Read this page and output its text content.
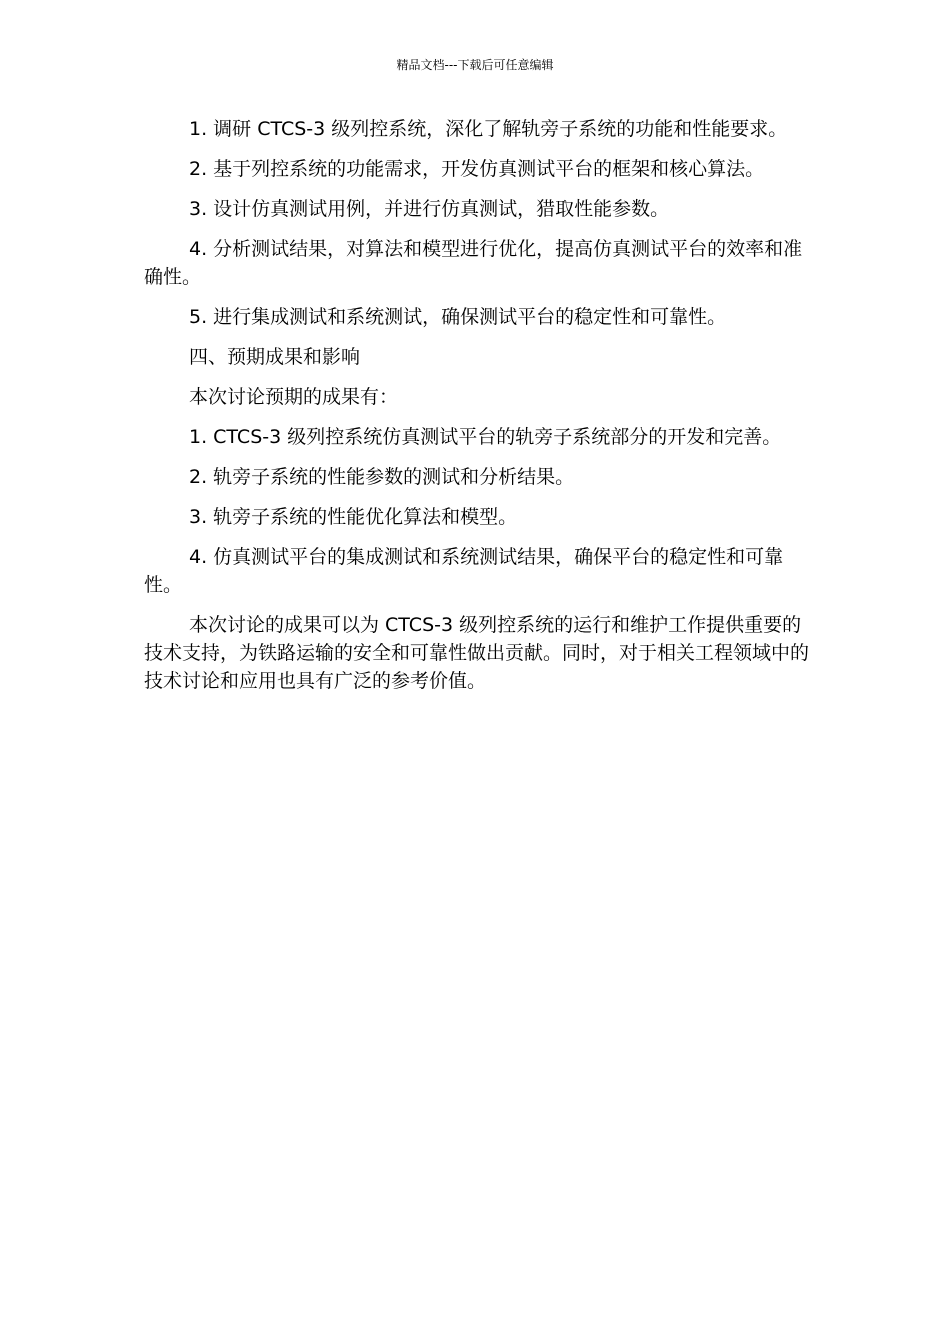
精品文档---下载后可任意编辑

1. 调研 CTCS-3 级列控系统，深化了解轨旁子系统的功能和性能要求。

2. 基于列控系统的功能需求，开发仿真测试平台的框架和核心算法。

3. 设计仿真测试用例，并进行仿真测试，猎取性能参数。

4. 分析测试结果，对算法和模型进行优化，提高仿真测试平台的效率和准确性。

5. 进行集成测试和系统测试，确保测试平台的稳定性和可靠性。

四、预期成果和影响

本次讨论预期的成果有：

1. CTCS-3 级列控系统仿真测试平台的轨旁子系统部分的开发和完善。

2. 轨旁子系统的性能参数的测试和分析结果。

3. 轨旁子系统的性能优化算法和模型。

4. 仿真测试平台的集成测试和系统测试结果，确保平台的稳定性和可靠性。

本次讨论的成果可以为 CTCS-3 级列控系统的运行和维护工作提供重要的技术支持，为铁路运输的安全和可靠性做出贡献。同时，对于相关工程领域中的技术讨论和应用也具有广泛的参考价值。
